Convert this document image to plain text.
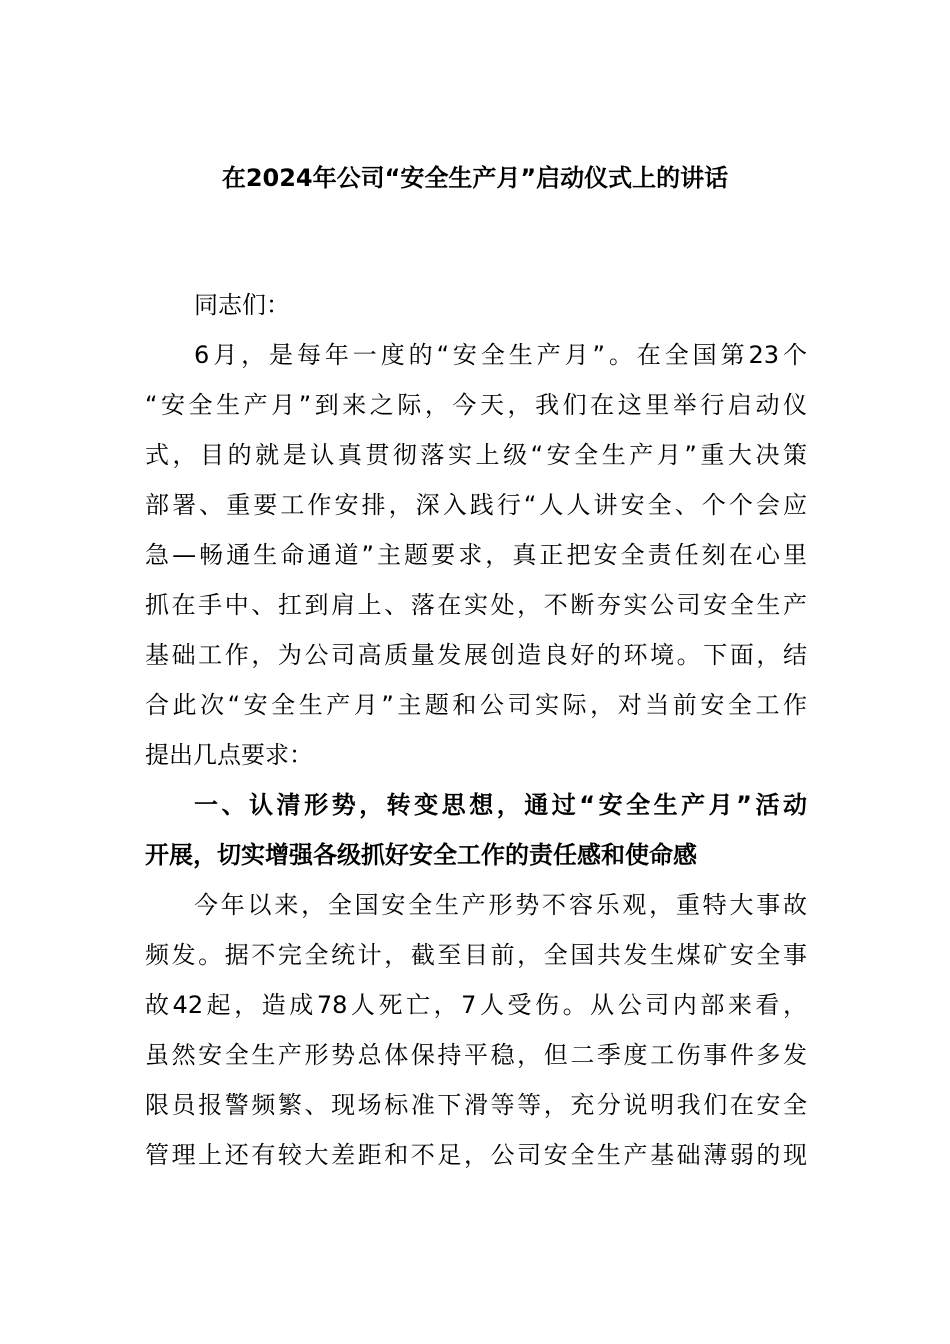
在2024年公司“安全生产月”启动仪式上的讲话
同志们：
6月，是每年一度的“安全生产月”。在全国第23个
“安全生产月”到来之际，今天，我们在这里举行启动仪
式，目的就是认真贯彻落实上级“安全生产月”重大决策
部署、重要工作安排，深入践行“人人讲安全、个个会应
急—畅通生命通道”主题要求，真正把安全责任刻在心里
抓在手中、扛到肩上、落在实处，不断夯实公司安全生产
基础工作，为公司高质量发展创造良好的环境。下面，结
合此次“安全生产月”主题和公司实际，对当前安全工作
提出几点要求：
一、认清形势，转变思想，通过“安全生产月”活动
开展，切实增强各级抓好安全工作的责任感和使命感
今年以来，全国安全生产形势不容乐观，重特大事故
频发。据不完全统计，截至目前，全国共发生煤矿安全事
故42起，造成78人死亡，7人受伤。从公司内部来看，
虽然安全生产形势总体保持平稳，但二季度工伤事件多发
限员报警频繁、现场标准下滑等等，充分说明我们在安全
管理上还有较大差距和不足，公司安全生产基础薄弱的现
